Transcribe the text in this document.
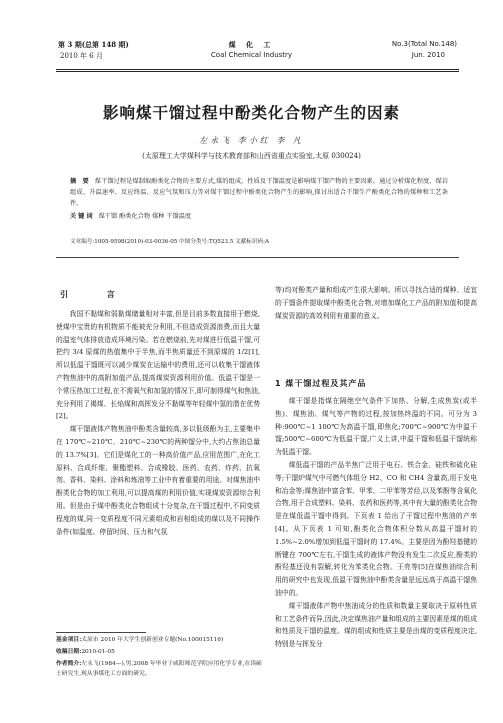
第 3 期(总第 148 期)
2010 年 6 月
煤 化 工
Coal Chemical Industry
No.3(Total No.148)
Jun. 2010
影响煤干馏过程中酚类化合物产生的因素
左永飞 李小红 李 凡
(太原理工大学煤科学与技术教育部和山西省重点实验室,太原 030024)
摘 要 煤干馏过程是煤制取酚类化合物的主要方式,煤的组成、性质及干馏温度是影响煤干馏产物的主要因素。通过分析煤化程度、煤岩组成、升温速率、反应终温、反应气氛和压力等对煤干馏过程中酚类化合物产生的影响,探讨出适合干馏生产酚类化合物的煤种和工艺条件。
关键词 煤干馏 酚类化合物 煤种 干馏温度
文章编号:1005-9598(2010)-03-0036-05 中图分类号:TQ523.5 文献标识码:A
引 言

我国不黏煤和弱黏煤储量相对丰富,但是目前多数直接用于燃烧,使煤中宝贵的有机物质不能被充分利用,不但造成资源浪费,而且大量的温室气体排放造成环境污染。若在燃烧前,先对煤进行低温干馏,可把约 3/4 原煤的热值集中于半焦,而半焦质量还不到原煤的 1/2[1],所以低温干馏既可以减少煤炭在运输中的费用,还可以收集干馏液体产物焦油中的高附加值产品,提高煤炭资源利用价值。低温干馏是一个常压热加工过程,在不需氧气和加氢的情况下,即可制得煤气和焦油,充分利用了褐煤、长焰煤和高挥发分不黏煤等年轻煤中氢的潜在优势[2]。

煤干馏液体产物焦油中酚类含量较高,多以低级酚为主,主要集中在 170℃~210℃、210℃~230℃的两种馏分中,大约占焦油总量的 13.7%[3]。它们是煤化工的一种高价值产品,应用范围广,在化工原料、合成纤维、聚酯塑料、合成橡胶、医药、农药、炸药、抗氧剂、香料、染料、涂料和炼油等工业中有着重要的用途。对煤焦油中酚类化合物的加工利用,可以提高煤的利用价值,实现煤炭资源综合利用。但是由于煤中酚类化合物组成十分复杂,在干馏过程中,不同变质程度的煤,同一变质程度不同元素组成和岩相组成的煤以及不同操作条件(如温度、停留时间、压力和气氛

基金项目:太原市 2010 年大学生创新创业专题(No.100015116)
收稿日期:2010-01-05
作者简介:左永飞(1984—),男,2008 年毕业于咸阳师范学院应用化学专业,在读硕士研究生,现从事煤化工方面的研究。

等)均对酚类产量和组成产生很大影响。所以寻找合适的煤种、适宜的干馏条件提取煤中酚类化合物,对增加煤化工产品的附加值和提高煤炭资源的高效利用有重要的意义。

1 煤干馏过程及其产品

煤干馏是指煤在隔绝空气条件下加热、分解,生成焦炭(或半焦)、煤焦油、煤气等产物的过程,按加热终温的不同。可分为 3 种:900℃~1 100℃为高温干馏,即焦化;700℃~900℃为中温干馏;500℃~600℃为低温干馏,广义上讲,中温干馏和低温干馏统称为低温干馏。

煤低温干馏的产品半焦广泛用于电石、铁合金、硅铁和硫化硅等;干馏炉煤气中可燃气体组分 H2、CO 和 CH4 含量高,用于发电和冶金等;煤焦油中富含苯、甲苯、二甲苯等芳烃,以及苯酚等含氧化合物,用于合成塑料、染料、农药和医药等,其中有大量的酚类化合物是在煤低温干馏中得到。下页表 1 给出了干馏过程中焦油的产率[4]。从下页表 1 可知,酚类化合物体积分数从高温干馏时的 1.5%~2.0%增加到低温干馏时的 17.4%。主要是因为酚羟基键的断键在 700℃左右,干馏生成的液体产物没有发生二次反应,酚类的酚羟基还没有裂解,转化为苯类化合物。王亮等[5]在煤焦油综合利用的研究中也发现,低温干馏焦油中酚类含量是远远高于高温干馏焦油中的。

煤干馏液体产物中焦油成分的性质和数量主要取决于原料性质和工艺条件而异,因此,决定煤焦油产量和组成的主要因素是煤的组成和性质及干馏的温度。煤的组成和性质主要是由煤的变质程度决定,特别是与挥发分
